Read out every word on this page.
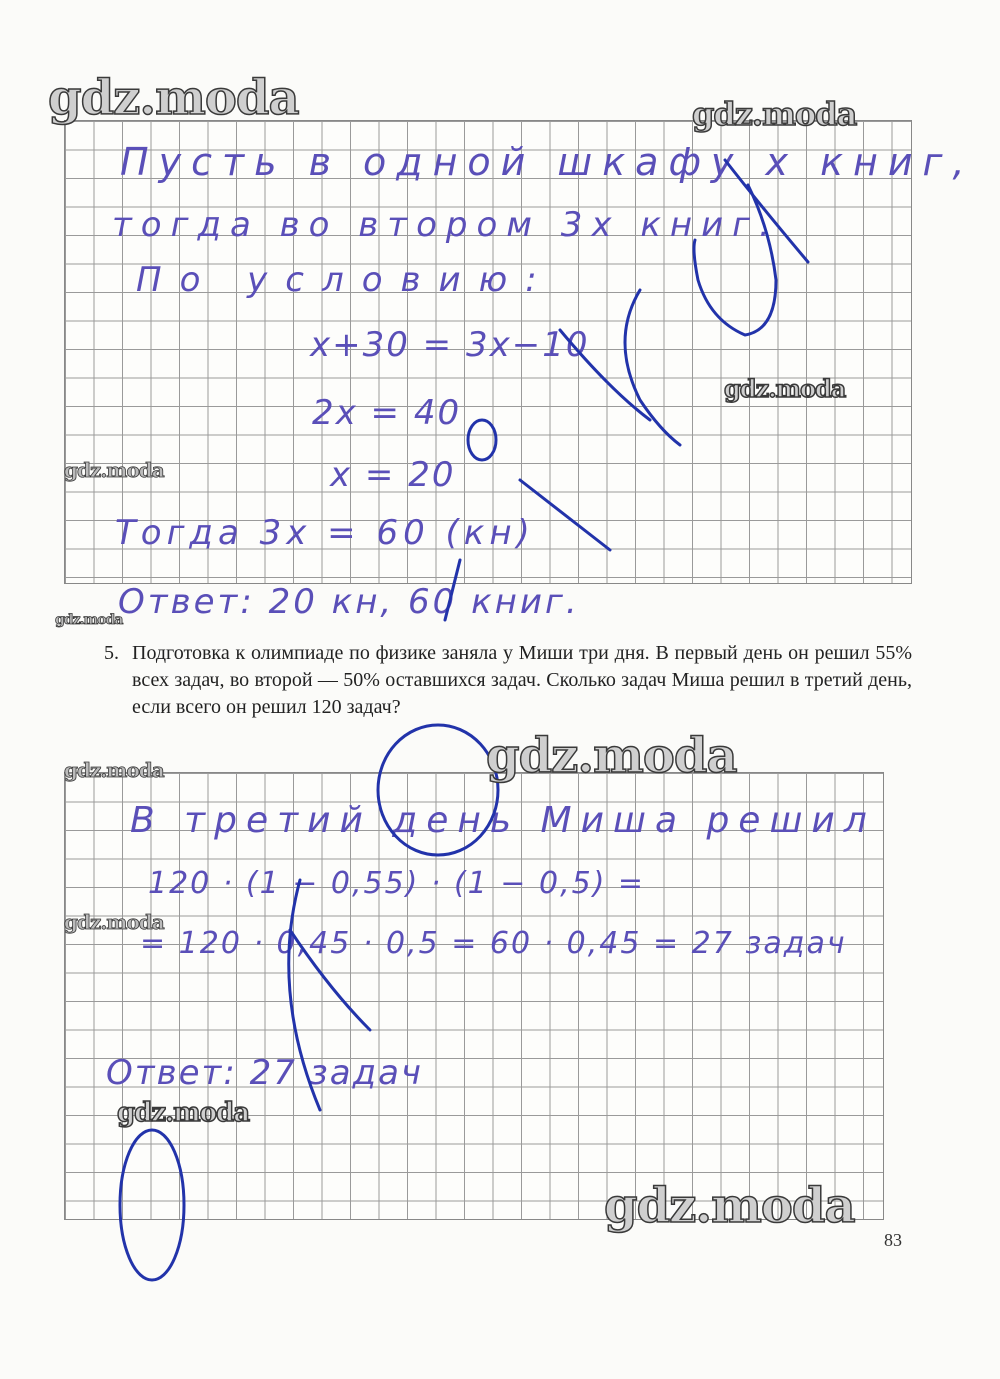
Пусть в одной шкафу x книг,
тогда во втором 3x книг.
По условию:
x+30 = 3x−10
2x = 40
x = 20
Тогда 3x = 60 (кн)
Ответ: 20 кн, 60 книг.
5. Подготовка к олимпиаде по физике заняла у Миши три дня. В первый день он решил 55% всех задач, во второй — 50% оставшихся задач. Сколько задач Миша решил в третий день, если всего он решил 120 задач?
В третий день Миша решил
120 · (1 − 0,55) · (1 − 0,5) =
= 120 · 0,45 · 0,5 = 60 · 0,45 = 27 задач
Ответ: 27 задач
gdz.moda	gdz.moda
gdz.moda
gdz.moda
gdz.moda
gdz.moda	gdz.moda
gdz.moda
gdz.moda
gdz.moda
83
